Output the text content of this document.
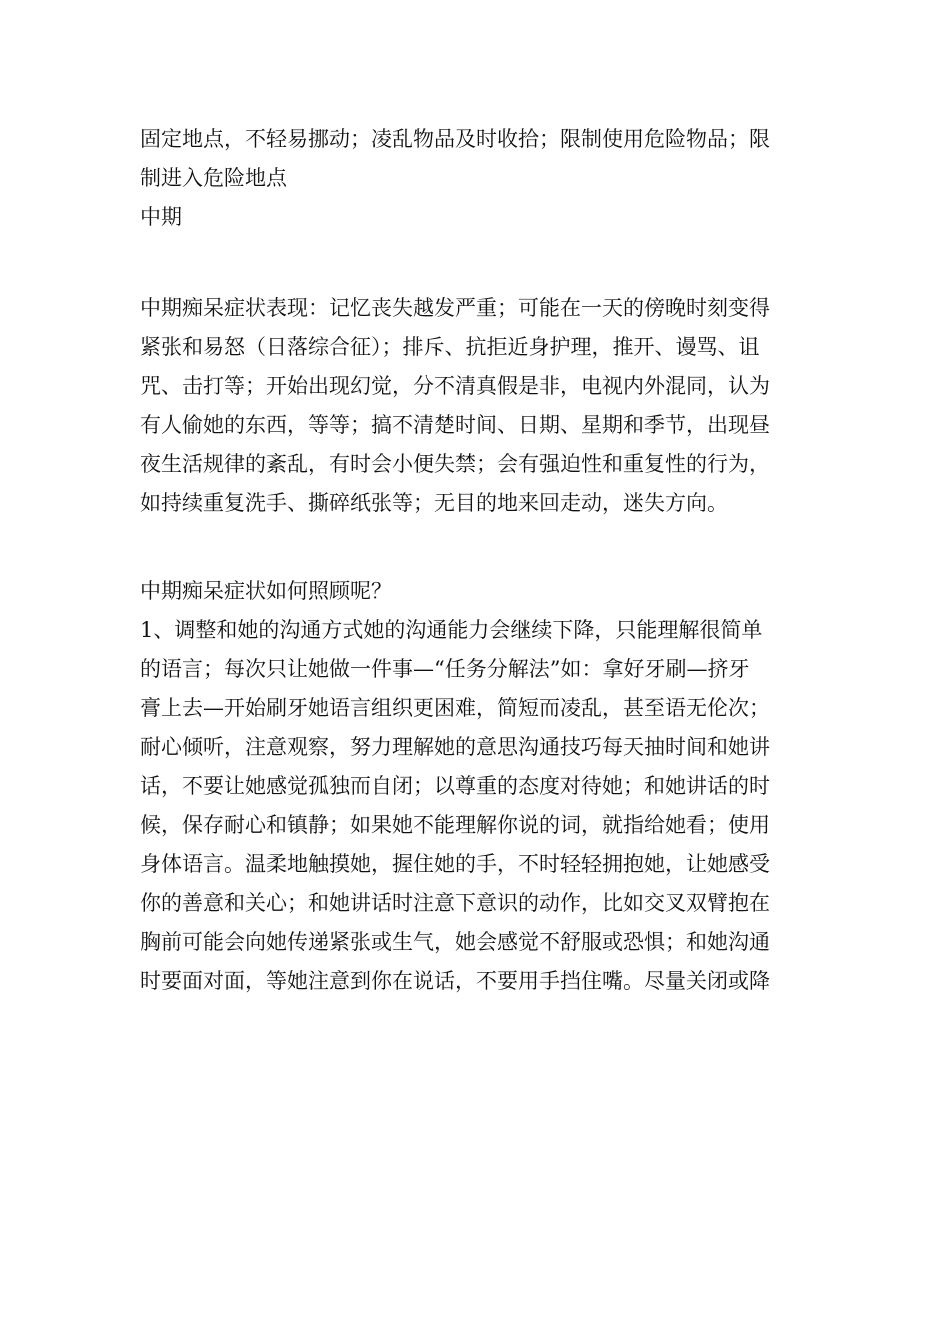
固定地点，不轻易挪动；凌乱物品及时收拾；限制使用危险物品；限
制进入危险地点
中期
中期痴呆症状表现：记忆丧失越发严重；可能在一天的傍晚时刻变得
紧张和易怒（日落综合征）；排斥、抗拒近身护理，推开、谩骂、诅
咒、击打等；开始出现幻觉，分不清真假是非，电视内外混同，认为
有人偷她的东西，等等；搞不清楚时间、日期、星期和季节，出现昼
夜生活规律的紊乱，有时会小便失禁；会有强迫性和重复性的行为，
如持续重复洗手、撕碎纸张等；无目的地来回走动，迷失方向。
中期痴呆症状如何照顾呢？
1、调整和她的沟通方式她的沟通能力会继续下降，只能理解很简单
的语言；每次只让她做一件事—“任务分解法”如：拿好牙刷—挤牙
膏上去—开始刷牙她语言组织更困难，简短而凌乱，甚至语无伦次；
耐心倾听，注意观察，努力理解她的意思沟通技巧每天抽时间和她讲
话，不要让她感觉孤独而自闭；以尊重的态度对待她；和她讲话的时
候，保存耐心和镇静；如果她不能理解你说的词，就指给她看；使用
身体语言。温柔地触摸她，握住她的手，不时轻轻拥抱她，让她感受
你的善意和关心；和她讲话时注意下意识的动作，比如交叉双臂抱在
胸前可能会向她传递紧张或生气，她会感觉不舒服或恐惧；和她沟通
时要面对面，等她注意到你在说话，不要用手挡住嘴。尽量关闭或降
